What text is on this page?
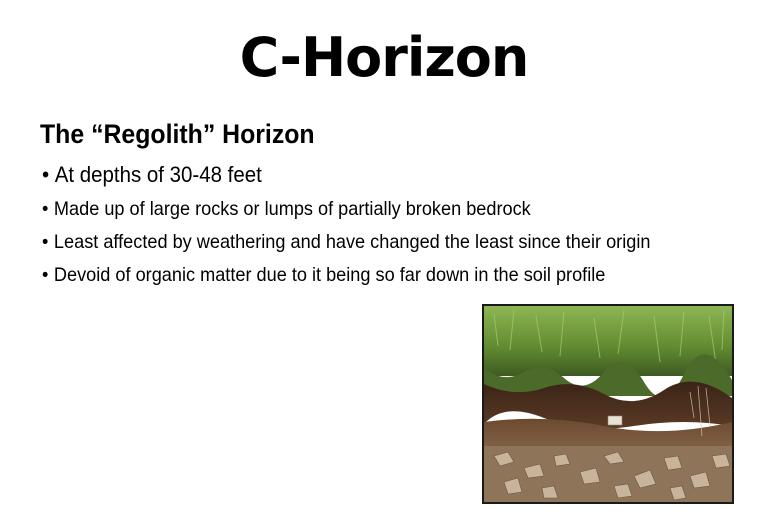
C-Horizon
The “Regolith” Horizon
• At depths of 30-48 feet
• Made up of large rocks or lumps of partially broken bedrock
• Least affected by weathering and have changed the least since their origin
• Devoid of organic matter due to it being so far down in the soil profile
